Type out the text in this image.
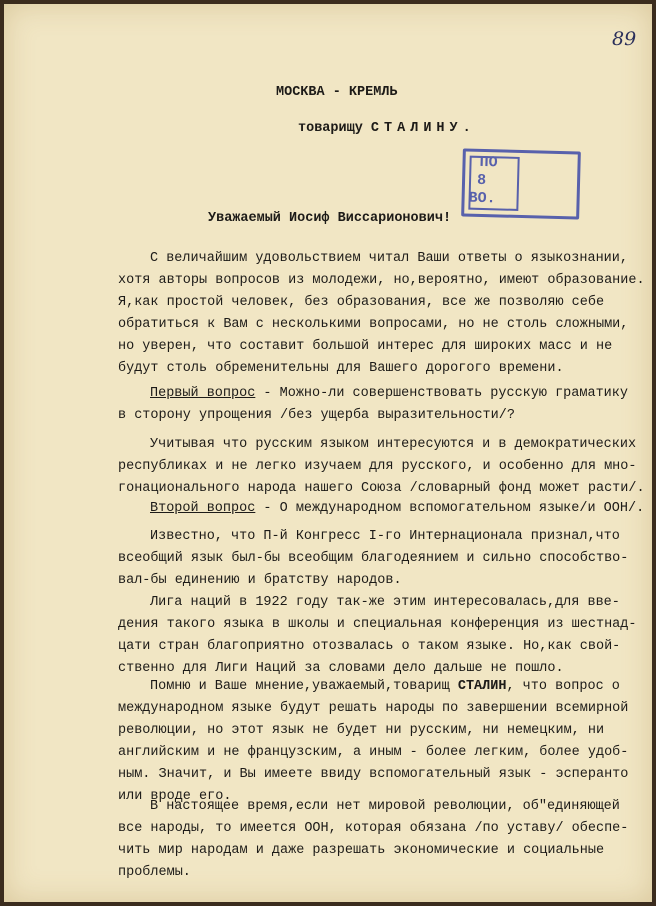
89
МОСКВА - КРЕМЛЬ
товарищу СТАЛИНУ.
ПО
8
ВО.
Уважаемый Иосиф Виссарионович!
С величайшим удовольствием читал Ваши ответы о языкознании,
хотя авторы вопросов из молодежи, но,вероятно, имеют образование.
Я,как простой человек, без образования, все же позволяю себе
обратиться к Вам с несколькими вопросами, но не столь сложными,
но уверен, что составит большой интерес для широких масс и не
будут столь обременительны для Вашего дорогого времени.
Первый вопрос - Можно-ли совершенствовать русскую граматику
в сторону упрощения /без ущерба выразительности/?
Учитывая что русским языком интересуются и в демократических
республиках и не легко изучаем для русского, и особенно для мно-
гонационального народа нашего Союза /словарный фонд может расти/.
Второй вопрос - О международном вспомогательном языке/и ООН/.
Известно, что П-й Конгресс I-го Интернационала признал,что
всеобщий язык был-бы всеобщим благодеянием и сильно способство-
вал-бы единению и братству народов.
Лига наций в 1922 году так-же этим интересовалась,для вве-
дения такого языка в школы и специальная конференция из шестнад-
цати стран благоприятно отозвалась о таком языке. Но,как свой-
ственно для Лиги Наций за словами дело дальше не пошло.
Помню и Ваше мнение,уважаемый,товарищ СТАЛИН, что вопрос о
международном языке будут решать народы по завершении всемирной
революции, но этот язык не будет ни русским, ни немецким, ни
английским и не французским, а иным - более легким, более удоб-
ным. Значит, и Вы имеете ввиду вспомогательный язык - эсперанто
или вроде его.
В настоящее время,если нет мировой революции, об"единяющей
все народы, то имеется ООН, которая обязана /по уставу/ обеспе-
чить мир народам и даже разрешать экономические и социальные
проблемы.
